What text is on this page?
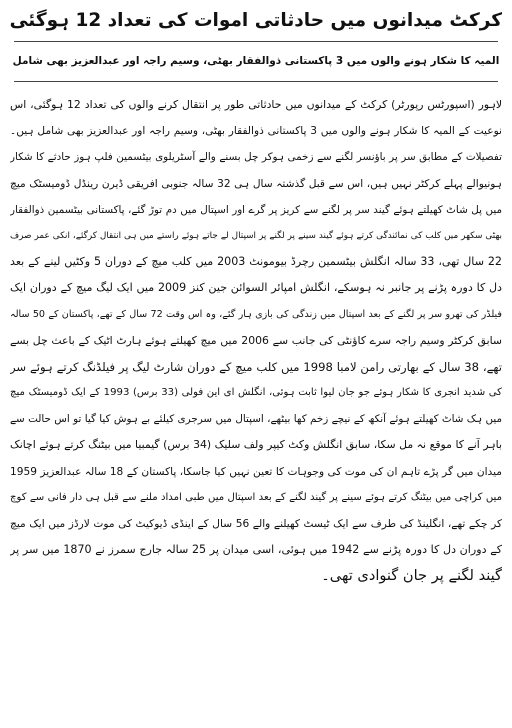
کرکٹ میدانوں میں حادثاتی اموات کی تعداد 12 ہوگئی
المیہ کا شکار ہونے والوں میں 3 پاکستانی ذوالفقار بھٹی، وسیم راجہ اور عبدالعزیز بھی شامل
لاہور (اسپورٹس رپورٹر) کرکٹ کے میدانوں میں حادثاتی طور پر انتقال کرنے والوں کی تعداد 12 ہوگئی، اس
نوعیت کے المیہ کا شکار ہونے والوں میں 3 پاکستانی ذوالفقار بھٹی، وسیم راجہ اور عبدالعزیز بھی شامل ہیں۔
تفصیلات کے مطابق سر پر باؤنسر لگنے سے زخمی ہوکر چل بسنے والے آسٹریلوی بیٹسمین فلپ ہوز حادثے کا شکار
ہونیوالے پہلے کرکٹر نہیں ہیں، اس سے قبل گذشتہ سال ہی 32 سالہ جنوبی افریقی ڈیرن رینڈل ڈومیسٹک میچ
میں پل شاٹ کھیلتے ہوئے گیند سر پر لگنے سے کریز پر گرے اور اسپتال میں دم توڑ گئے، پاکستانی بیٹسمین ذوالفقار
بھٹی سکھر میں کلب کی نمائندگی کرتے ہوئے گیند سینے پر لگنے پر اسپتال لے جاتے ہوئے راستے میں ہی انتقال کرگئے، انکی عمر صرف
22 سال تھی، 33 سالہ انگلش بیٹسمین رچرڈ بیومونٹ 2003 میں کلب میچ کے دوران 5 وکٹیں لینے کے بعد
دل کا دورہ پڑنے پر جانبر نہ ہوسکے، انگلش امپائر السوائن جین کنز 2009 میں ایک لیگ میچ کے دوران ایک
فیلڈر کی تھرو سر پر لگنے کے بعد اسپتال میں زندگی کی بازی ہار گئے، وہ اس وقت 72 سال کے تھے، پاکستان کے 50 سالہ
سابق کرکٹر وسیم راجہ سرے کاؤنٹی کی جانب سے 2006 میں میچ کھیلتے ہوئے ہارٹ اٹیک کے باعث چل بسے
تھے، 38 سال کے بھارتی رامن لامبا 1998 میں کلب میچ کے دوران شارٹ لیگ پر فیلڈنگ کرتے ہوئے سر
کی شدید انجری کا شکار ہوئے جو جان لیوا ثابت ہوئی، انگلش ای این فولی (33 برس) 1993 کے ایک ڈومیسٹک میچ
میں ہک شاٹ کھیلتے ہوئے آنکھ کے نیچے زخم کھا بیٹھے، اسپتال میں سرجری کیلئے بے ہوش کیا گیا تو اس حالت سے
باہر آنے کا موقع نہ مل سکا، سابق انگلش وکٹ کیپر ولف سلیک (34 برس) گیمبیا میں بیٹنگ کرتے ہوئے اچانک
میدان میں گر پڑے تاہم ان کی موت کی وجوہات کا تعین نہیں کیا جاسکا، پاکستان کے 18 سالہ عبدالعزیز 1959
میں کراچی میں بیٹنگ کرتے ہوئے سینے پر گیند لگنے کے بعد اسپتال میں طبی امداد ملنے سے قبل ہی دار فانی سے کوچ
کر چکے تھے، انگلینڈ کی طرف سے ایک ٹیسٹ کھیلنے والے 56 سال کے اینڈی ڈیوکیٹ کی موت لارڈز میں ایک میچ
کے دوران دل کا دورہ پڑنے سے 1942 میں ہوئی، اسی میدان پر 25 سالہ جارج سمرز نے 1870 میں سر پر
گیند لگنے پر جان گنوادی تھی۔
